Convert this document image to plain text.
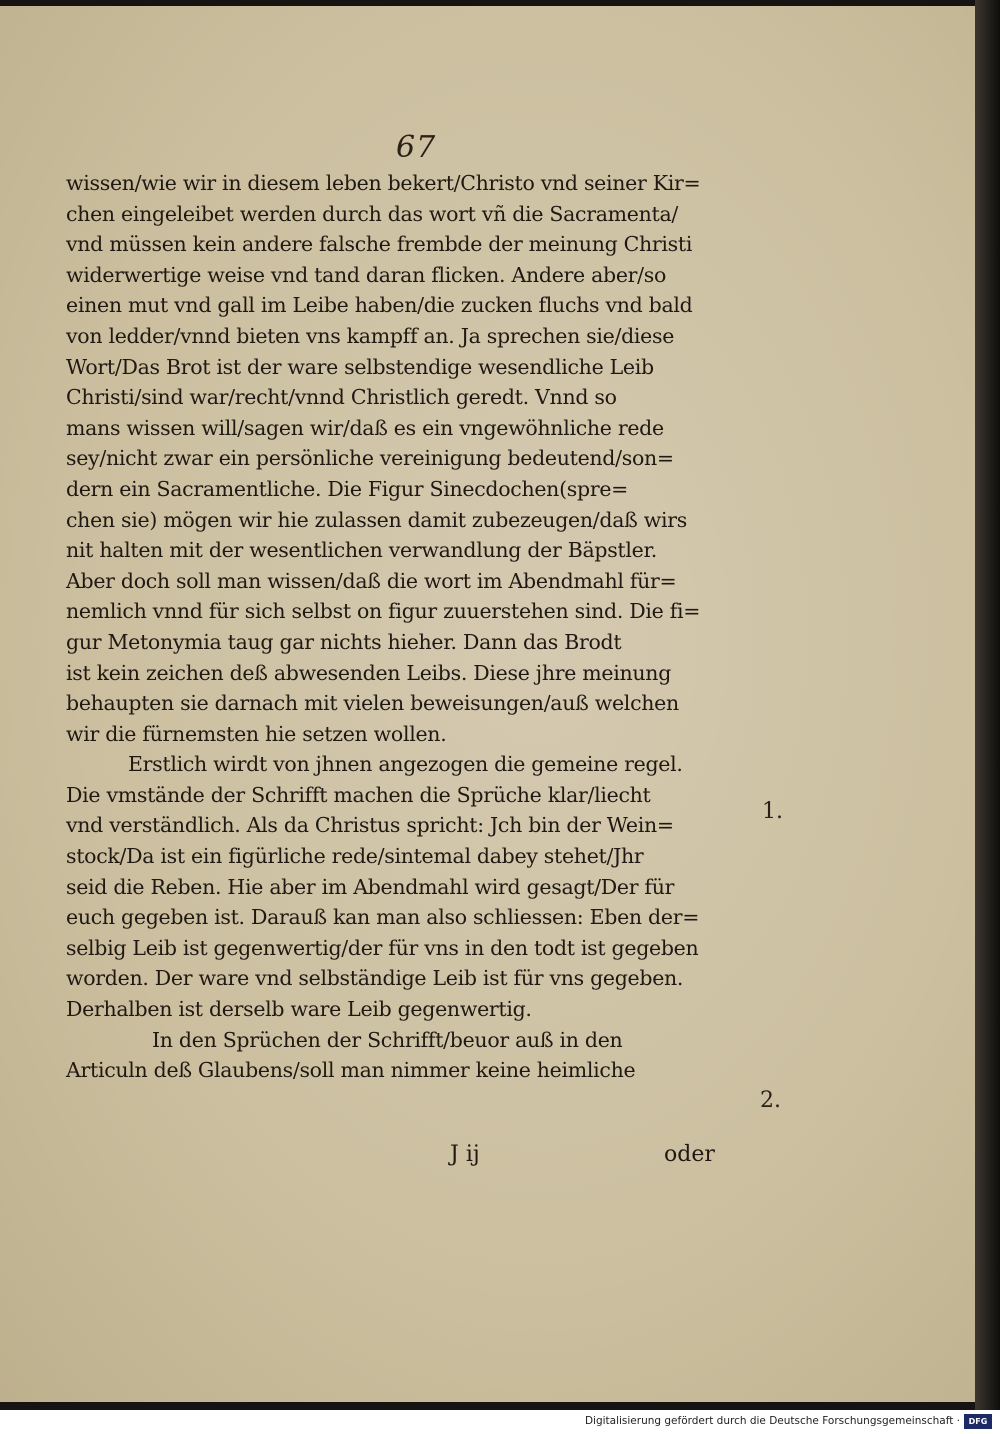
67
wissen/wie wir in diesem leben bekert/Christo vnd seiner Kir=
chen eingeleibet werden durch das wort vñ die Sacramenta/
vnd müssen kein andere falsche frembde der meinung Christi
widerwertige weise vnd tand daran flicken. Andere aber/so
einen mut vnd gall im Leibe haben/die zucken fluchs vnd bald
von ledder/vnnd bieten vns kampff an. Ja sprechen sie/diese
Wort/Das Brot ist der ware selbstendige wesendliche Leib
Christi/sind war/recht/vnnd Christlich geredt. Vnnd so
mans wissen will/sagen wir/daß es ein vngewöhnliche rede
sey/nicht zwar ein persönliche vereinigung bedeutend/son=
dern ein Sacramentliche. Die Figur Sinecdochen(spre=
chen sie) mögen wir hie zulassen damit zubezeugen/daß wirs
nit halten mit der wesentlichen verwandlung der Bäpstler.
Aber doch soll man wissen/daß die wort im Abendmahl für=
nemlich vnnd für sich selbst on figur zuuerstehen sind. Die fi=
gur Metonymia taug gar nichts hieher. Dann das Brodt
ist kein zeichen deß abwesenden Leibs. Diese jhre meinung
behaupten sie darnach mit vielen beweisungen/auß welchen
wir die fürnemsten hie setzen wollen.
Erstlich wirdt von jhnen angezogen die gemeine regel.
Die vmstände der Schrifft machen die Sprüche klar/liecht
vnd verständlich. Als da Christus spricht: Jch bin der Wein=
stock/Da ist ein figürliche rede/sintemal dabey stehet/Jhr
seid die Reben. Hie aber im Abendmahl wird gesagt/Der für
euch gegeben ist. Darauß kan man also schliessen: Eben der=
selbig Leib ist gegenwertig/der für vns in den todt ist gegeben
worden. Der ware vnd selbständige Leib ist für vns gegeben.
Derhalben ist derselb ware Leib gegenwertig.
In den Sprüchen der Schrifft/beuor auß in den
Articuln deß Glaubens/soll man nimmer keine heimliche
1.
2.
J ij	oder
Digitalisierung gefördert durch die Deutsche Forschungsgemeinschaft ·	DFG
